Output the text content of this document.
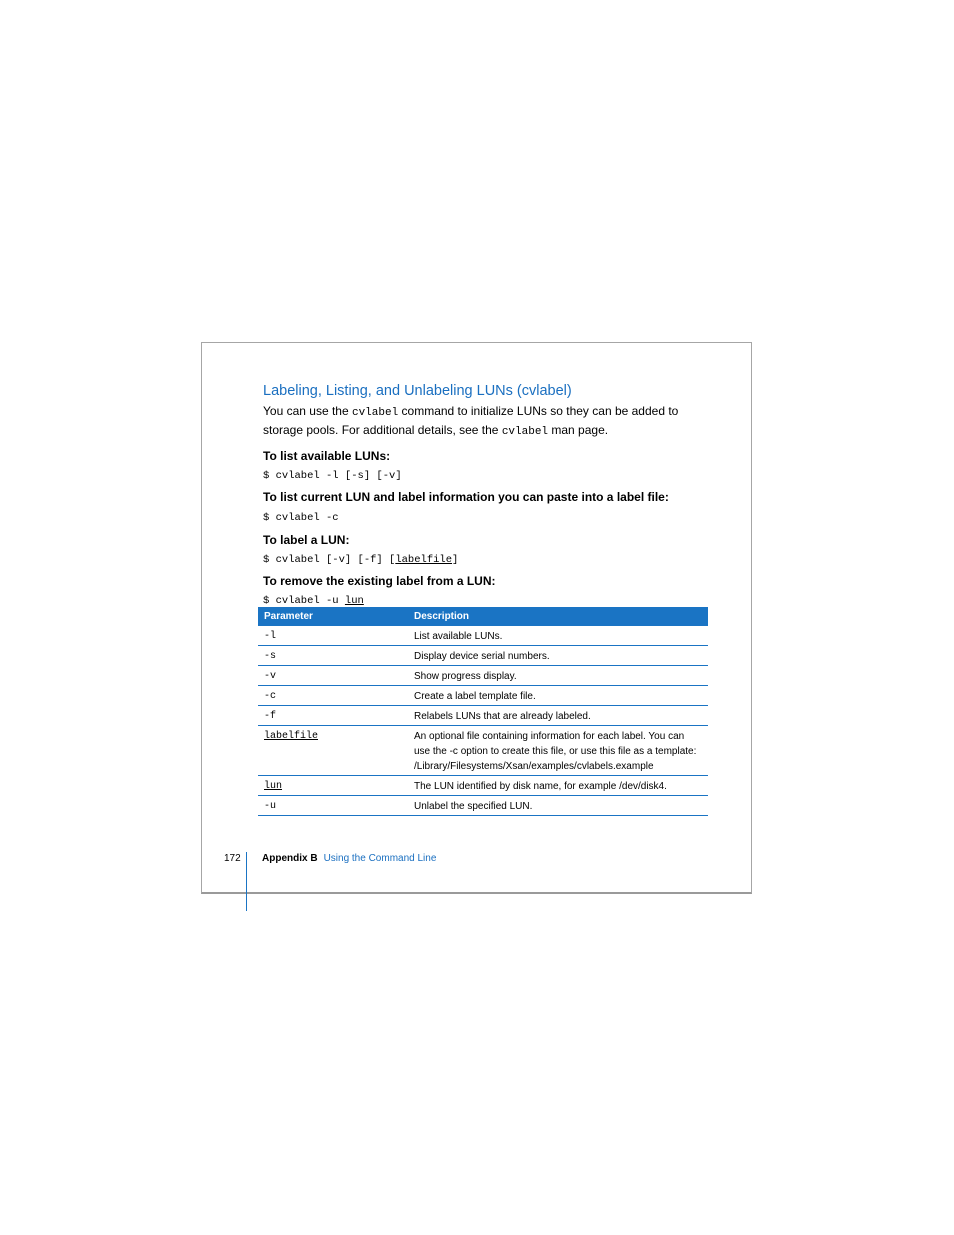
Labeling, Listing, and Unlabeling LUNs (cvlabel)

You can use the cvlabel command to initialize LUNs so they can be added to storage pools. For additional details, see the cvlabel man page.

To list available LUNs:

$ cvlabel -l [-s] [-v]

To list current LUN and label information you can paste into a label file:

$ cvlabel -c

To label a LUN:

$ cvlabel [-v] [-f] [labelfile]

To remove the existing label from a LUN:

$ cvlabel -u lun

Parameter	Description
-l	List available LUNs.
-s	Display device serial numbers.
-v	Show progress display.
-c	Create a label template file.
-f	Relabels LUNs that are already labeled.
labelfile	An optional file containing information for each label. You can
use the -c option to create this file, or use this file as a template:
/Library/Filesystems/Xsan/examples/cvlabels.example

lun	The LUN identified by disk name, for example /dev/disk4.
-u	Unlabel the specified LUN.
172 Appendix B Using the Command Line
